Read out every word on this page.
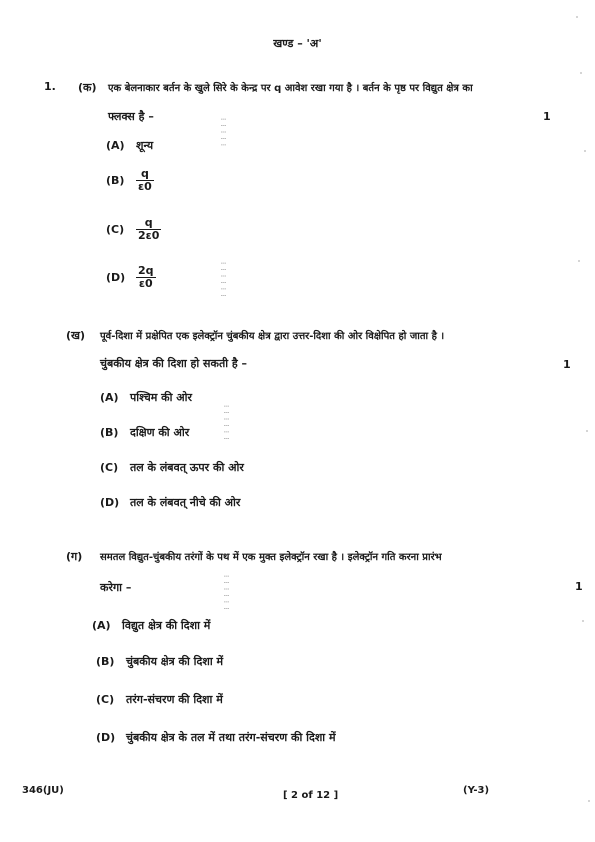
खण्ड – 'अ'
1. (क) एक बेलनाकार बर्तन के खुले सिरे के केन्द्र पर q आवेश रखा गया है । बर्तन के पृष्ठ पर विद्युत क्षेत्र का
फ्लक्स है –	1
(A) शून्य
$(B) \frac{q}{\varepsilon 0}$
$(C) \frac{q}{2\varepsilon 0}$
$(D) \frac{2q}{\varepsilon 0}$
(ख) पूर्व-दिशा में प्रक्षेपित एक इलेक्ट्रॉन चुंबकीय क्षेत्र द्वारा उत्तर-दिशा की ओर विक्षेपित हो जाता है ।
चुंबकीय क्षेत्र की दिशा हो सकती है –	1
(A) पश्चिम की ओर
(B) दक्षिण की ओर
(C) तल के लंबवत् ऊपर की ओर
(D) तल के लंबवत् नीचे की ओर
(ग) समतल विद्युत-चुंबकीय तरंगों के पथ में एक मुक्त इलेक्ट्रॉन रखा है । इलेक्ट्रॉन गति करना प्रारंभ
करेगा –	1
(A) विद्युत क्षेत्र की दिशा में
(B) चुंबकीय क्षेत्र की दिशा में
(C) तरंग-संचरण की दिशा में
(D) चुंबकीय क्षेत्र के तल में तथा तरंग-संचरण की दिशा में
⁞ ⁞ ⁞ ⁞ ⁞
⁞ ⁞ ⁞ ⁞ ⁞ ⁞
⁞ ⁞ ⁞ ⁞ ⁞ ⁞
⁞ ⁞ ⁞ ⁞ ⁞ ⁞
346(JU)	[ 2 of 12 ]	(Y-3)
